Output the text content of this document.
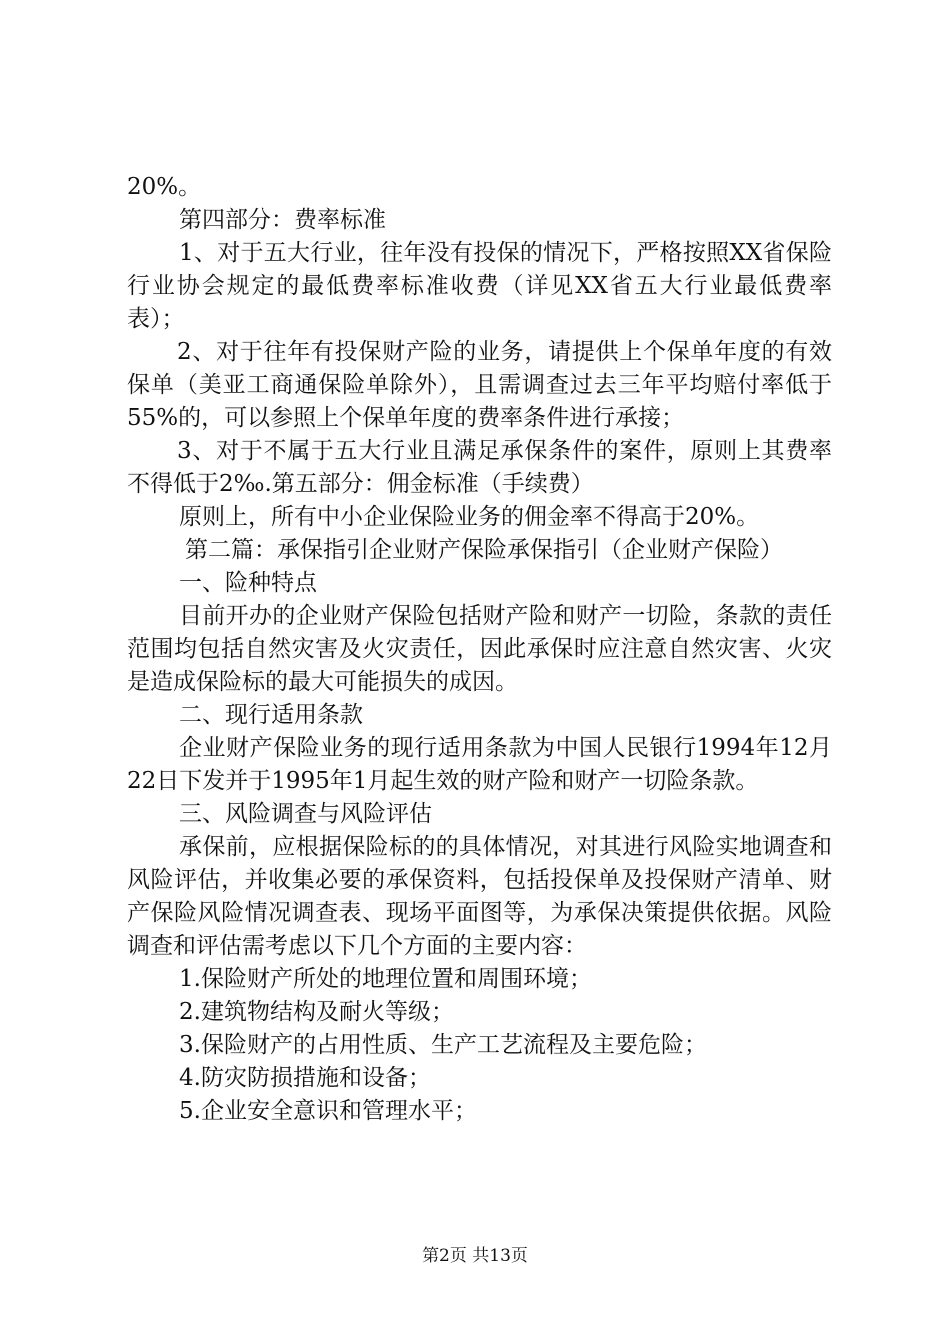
20%。

第四部分：费率标准

1、对于五大行业，往年没有投保的情况下，严格按照XX省保险行业协会规定的最低费率标准收费（详见XX省五大行业最低费率表）；

2、对于往年有投保财产险的业务，请提供上个保单年度的有效保单（美亚工商通保险单除外），且需调查过去三年平均赔付率低于55%的，可以参照上个保单年度的费率条件进行承接；

3、对于不属于五大行业且满足承保条件的案件，原则上其费率不得低于2‰.第五部分：佣金标准（手续费）

原则上，所有中小企业保险业务的佣金率不得高于20%。

第二篇：承保指引企业财产保险承保指引（企业财产保险）

一、险种特点

目前开办的企业财产保险包括财产险和财产一切险，条款的责任范围均包括自然灾害及火灾责任，因此承保时应注意自然灾害、火灾是造成保险标的最大可能损失的成因。

二、现行适用条款

企业财产保险业务的现行适用条款为中国人民银行1994年12月22日下发并于1995年1月起生效的财产险和财产一切险条款。

三、风险调查与风险评估

承保前，应根据保险标的的具体情况，对其进行风险实地调查和风险评估，并收集必要的承保资料，包括投保单及投保财产清单、财产保险风险情况调查表、现场平面图等，为承保决策提供依据。风险调查和评估需考虑以下几个方面的主要内容：

1.保险财产所处的地理位置和周围环境；

2.建筑物结构及耐火等级；

3.保险财产的占用性质、生产工艺流程及主要危险；

4.防灾防损措施和设备；

5.企业安全意识和管理水平；

第2页 共13页
